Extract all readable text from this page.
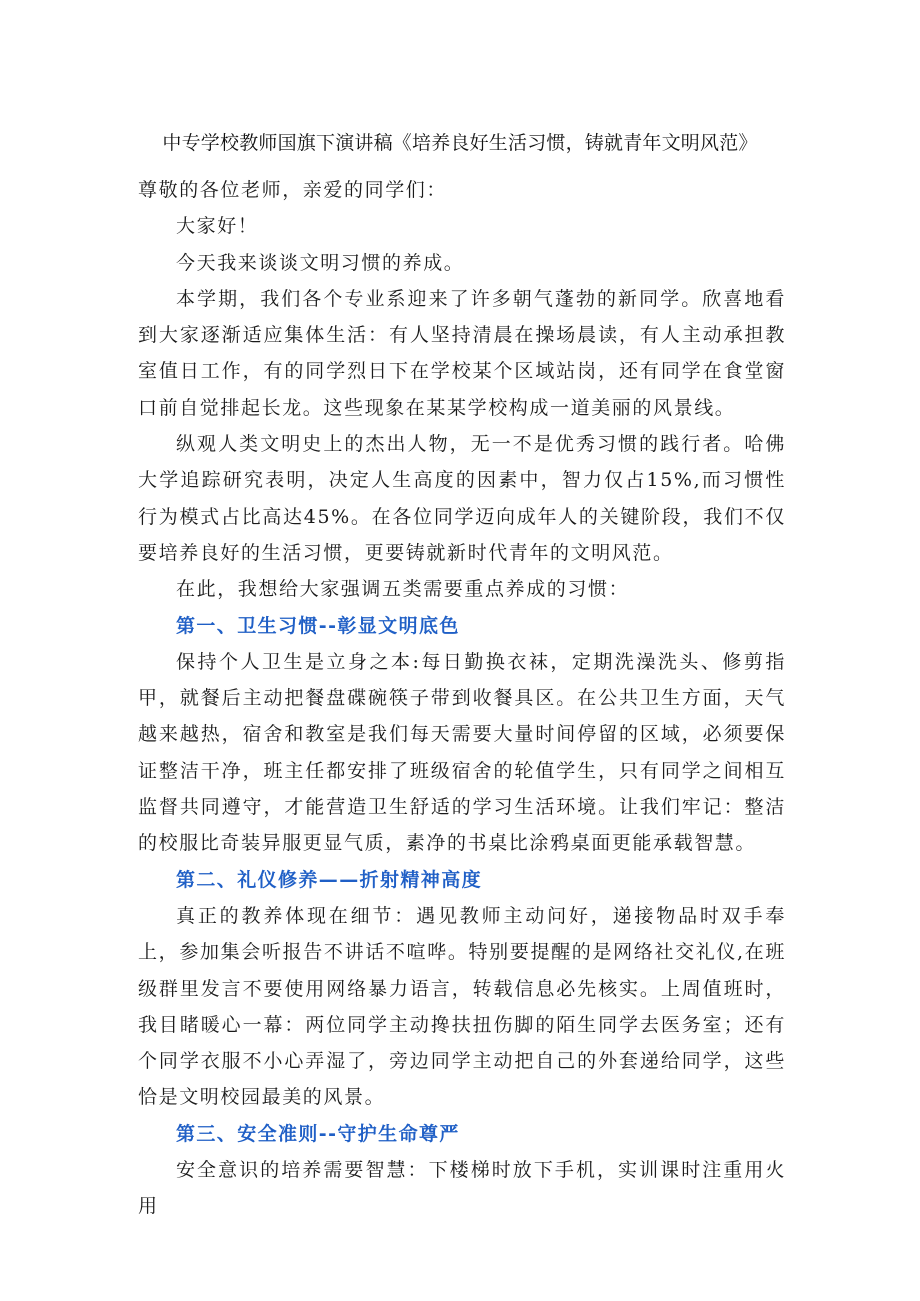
中专学校教师国旗下演讲稿《培养良好生活习惯，铸就青年文明风范》

尊敬的各位老师，亲爱的同学们：

大家好！

今天我来谈谈文明习惯的养成。

本学期，我们各个专业系迎来了许多朝气蓬勃的新同学。欣喜地看到大家逐渐适应集体生活：有人坚持清晨在操场晨读，有人主动承担教室值日工作，有的同学烈日下在学校某个区域站岗，还有同学在食堂窗口前自觉排起长龙。这些现象在某某学校构成一道美丽的风景线。

纵观人类文明史上的杰出人物，无一不是优秀习惯的践行者。哈佛大学追踪研究表明，决定人生高度的因素中，智力仅占15%,而习惯性行为模式占比高达45%。在各位同学迈向成年人的关键阶段，我们不仅要培养良好的生活习惯，更要铸就新时代青年的文明风范。

在此，我想给大家强调五类需要重点养成的习惯：

第一、卫生习惯--彰显文明底色

保持个人卫生是立身之本:每日勤换衣袜，定期洗澡洗头、修剪指甲，就餐后主动把餐盘碟碗筷子带到收餐具区。在公共卫生方面，天气越来越热，宿舍和教室是我们每天需要大量时间停留的区域，必须要保证整洁干净，班主任都安排了班级宿舍的轮值学生，只有同学之间相互监督共同遵守，才能营造卫生舒适的学习生活环境。让我们牢记：整洁的校服比奇装异服更显气质，素净的书桌比涂鸦桌面更能承载智慧。

第二、礼仪修养——折射精神高度

真正的教养体现在细节：遇见教师主动问好，递接物品时双手奉上，参加集会听报告不讲话不喧哗。特别要提醒的是网络社交礼仪,在班级群里发言不要使用网络暴力语言，转载信息必先核实。上周值班时，我目睹暖心一幕：两位同学主动搀扶扭伤脚的陌生同学去医务室；还有个同学衣服不小心弄湿了，旁边同学主动把自己的外套递给同学，这些恰是文明校园最美的风景。

第三、安全准则--守护生命尊严

安全意识的培养需要智慧：下楼梯时放下手机，实训课时注重用火用
